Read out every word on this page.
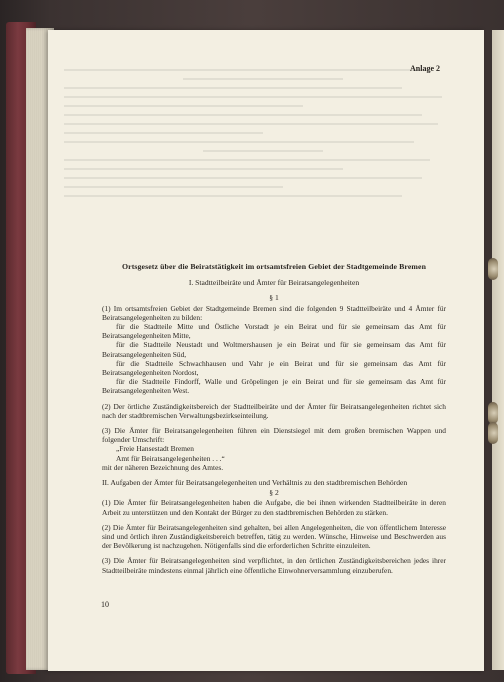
Anlage 2
Ortsgesetz über die Beiratstätigkeit im ortsamtsfreien Gebiet der Stadtgemeinde Bremen
I. Stadtteilbeiräte und Ämter für Beiratsangelegenheiten
§ 1

(1) Im ortsamtsfreien Gebiet der Stadtgemeinde Bremen sind die folgenden 9 Stadtteilbeiräte und 4 Ämter für Beiratsangelegenheiten zu bilden:
für die Stadtteile Mitte und Östliche Vorstadt je ein Beirat und für sie gemeinsam das Amt für Beiratsangelegenheiten Mitte,
für die Stadtteile Neustadt und Woltmershausen je ein Beirat und für sie gemeinsam das Amt für Beiratsangelegenheiten Süd,
für die Stadtteile Schwachhausen und Vahr je ein Beirat und für sie gemeinsam das Amt für Beiratsangelegenheiten Nordost,
für die Stadtteile Findorff, Walle und Gröpelingen je ein Beirat und für sie gemeinsam das Amt für Beiratsangelegenheiten West.

(2) Der örtliche Zuständigkeitsbereich der Stadtteilbeiräte und der Ämter für Beiratsangelegenheiten richtet sich nach der stadtbremischen Verwaltungsbezirkseinteilung.

(3) Die Ämter für Beiratsangelegenheiten führen ein Dienstsiegel mit dem großen bremischen Wappen und folgender Umschrift:
„Freie Hansestadt Bremen
Amt für Beiratsangelegenheiten . . .“
mit der näheren Bezeichnung des Amtes.

II. Aufgaben der Ämter für Beiratsangelegenheiten und Verhältnis zu den stadtbremischen Behörden
§ 2

(1) Die Ämter für Beiratsangelegenheiten haben die Aufgabe, die bei ihnen wirkenden Stadtteilbeiräte in deren Arbeit zu unterstützen und den Kontakt der Bürger zu den stadtbremischen Behörden zu stärken.

(2) Die Ämter für Beiratsangelegenheiten sind gehalten, bei allen Angelegenheiten, die von öffentlichem Interesse sind und örtlich ihren Zuständigkeitsbereich betreffen, tätig zu werden. Wünsche, Hinweise und Beschwerden aus der Bevölkerung ist nachzugehen. Nötigenfalls sind die erforderlichen Schritte einzuleiten.

(3) Die Ämter für Beiratsangelegenheiten sind verpflichtet, in den örtlichen Zuständigkeitsbereichen jedes ihrer Stadtteilbeiräte mindestens einmal jährlich eine öffentliche Einwohnerversammlung einzuberufen.

10
